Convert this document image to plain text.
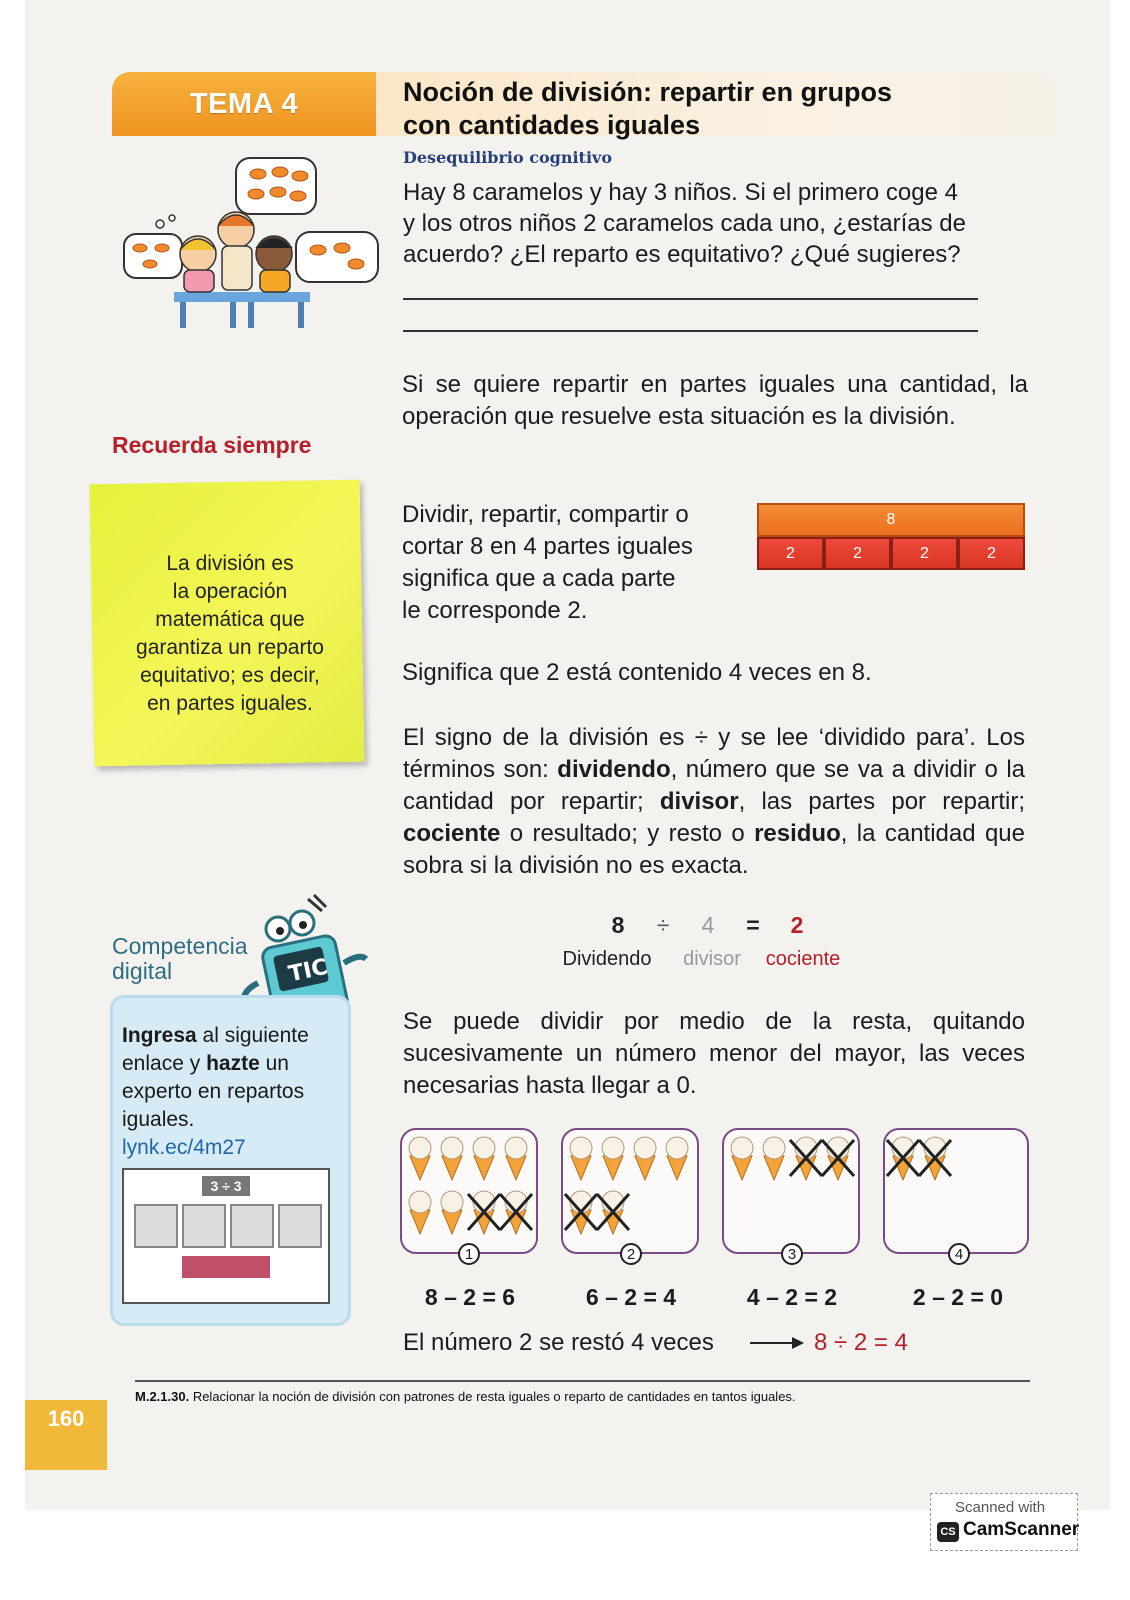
TEMA 4	Noción de división: repartir en grupos
con cantidades iguales
Desequilibrio cognitivo
Hay 8 caramelos y hay 3 niños. Si el primero coge 4
y los otros niños 2 caramelos cada uno, ¿estarías de
acuerdo? ¿El reparto es equitativo? ¿Qué sugieres?
Si se quiere repartir en partes iguales una cantidad, la operación que resuelve esta situación es la división.
Recuerda siempre
La división es
la operación
matemática que
garantiza un reparto
equitativo; es decir,
en partes iguales.
Dividir, repartir, compartir o
cortar 8 en 4 partes iguales
significa que a cada parte
le corresponde 2.
8
2	2	2	2
Significa que 2 está contenido 4 veces en 8.
El signo de la división es ÷ y se lee ‘dividido para’. Los términos son: dividendo, número que se va a dividir o la cantidad por repartir; divisor, las partes por repartir; cociente o resultado; y resto o residuo, la cantidad que sobra si la división no es exacta.
8	÷	4	=	2
Dividendo	divisor	cociente
Competencia
digital	TIC
Ingresa al siguiente enlace y hazte un experto en repartos iguales.
lynk.ec/4m27
3 ÷ 3
Se puede dividir por medio de la resta, quitando sucesivamente un número menor del mayor, las veces necesarias hasta llegar a 0.
1	2	3	4
8 – 2 = 6	6 – 2 = 4	4 – 2 = 2	2 – 2 = 0
El número 2 se restó 4 veces	8 ÷ 2 = 4
M.2.1.30. Relacionar la noción de división con patrones de resta iguales o reparto de cantidades en tantos iguales.
160
Scanned with
CS CamScanner
